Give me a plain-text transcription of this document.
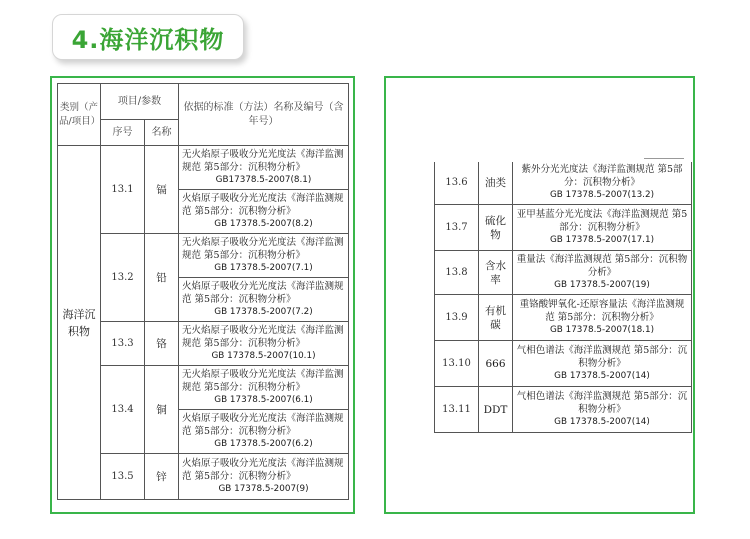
4.海洋沉积物
类别（产品/项目）	项目/参数		依据的标准（方法）名称及编号（含年号）
	序号	名称	
海洋沉积物	13.1	镉	无火焰原子吸收分光光度法《海洋监测规范 第5部分：沉积物分析》
GB17378.5-2007(8.1)

			火焰原子吸收分光光度法《海洋监测规范 第5部分：沉积物分析》
GB 17378.5-2007(8.2)

	13.2	铅	无火焰原子吸收分光光度法《海洋监测规范 第5部分：沉积物分析》
GB 17378.5-2007(7.1)

			火焰原子吸收分光光度法《海洋监测规范 第5部分：沉积物分析》
GB 17378.5-2007(7.2)

	13.3	铬	无火焰原子吸收分光光度法《海洋监测规范 第5部分：沉积物分析》
GB 17378.5-2007(10.1)

	13.4	铜	无火焰原子吸收分光光度法《海洋监测规范 第5部分：沉积物分析》
GB 17378.5-2007(6.1)

			火焰原子吸收分光光度法《海洋监测规范 第5部分：沉积物分析》
GB 17378.5-2007(6.2)

	13.5	锌	火焰原子吸收分光光度法《海洋监测规范 第5部分：沉积物分析》
GB 17378.5-2007(9)
13.6	油类	紫外分光光度法《海洋监测规范 第5部分：沉积物分析》
GB 17378.5-2007(13.2)

13.7	硫化物	亚甲基蓝分光光度法《海洋监测规范 第5部分：沉积物分析》
GB 17378.5-2007(17.1)

13.8	含水率	重量法《海洋监测规范 第5部分：沉积物分析》
GB 17378.5-2007(19)

13.9	有机碳	重铬酸钾氧化-还原容量法《海洋监测规范 第5部分：沉积物分析》
GB 17378.5-2007(18.1)

13.10	666	气相色谱法《海洋监测规范 第5部分：沉积物分析》
GB 17378.5-2007(14)

13.11	DDT	气相色谱法《海洋监测规范 第5部分：沉积物分析》
GB 17378.5-2007(14)
